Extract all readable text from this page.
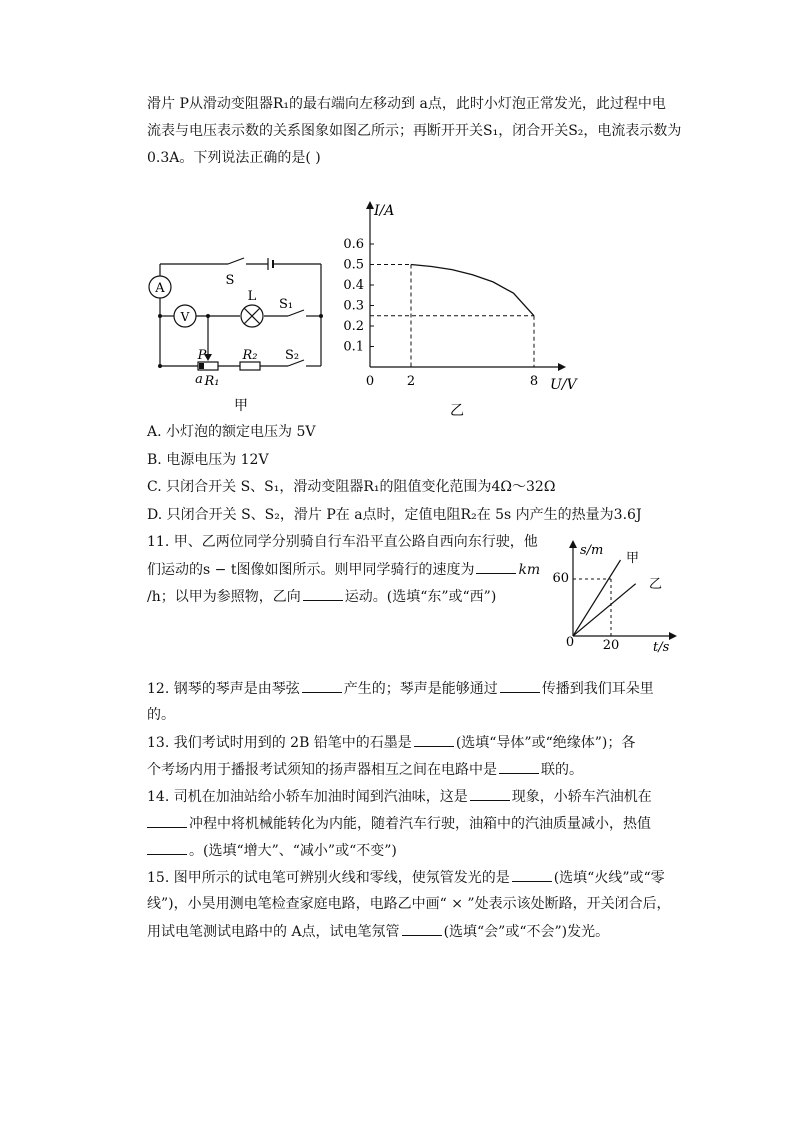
滑片 P从滑动变阻器R₁的最右端向左移动到 a点，此时小灯泡正常发光，此过程中电
流表与电压表示数的关系图象如图乙所示；再断开开关S₁，闭合开关S₂，电流表示数为
0.3A。下列说法正确的是( )
A
V
S
L
S₁
P	R₂ S₂
a R₁
甲
0.1
0.2
0.3
0.4
0.5
0.6
2	8
I/A
U/V
0
乙
A. 小灯泡的额定电压为 5V
B. 电源电压为 12V
C. 只闭合开关 S、S₁，滑动变阻器R₁的阻值变化范围为4Ω～32Ω
D. 只闭合开关 S、S₂，滑片 P在 a点时，定值电阻R₂在 5s 内产生的热量为3.6J
11. 甲、乙两位同学分别骑自行车沿平直公路自西向东行驶，他
们运动的s − t图像如图所示。则甲同学骑行的速度为	km
/h；以甲为参照物，乙向	运动。(选填“东”或“西”)
s/m
t/s
0
60
20
甲
乙
12. 钢琴的琴声是由琴弦	产生的；琴声是能够通过	传播到我们耳朵里
的。
13. 我们考试时用到的 2B 铅笔中的石墨是	(选填“导体”或“绝缘体”)；各
个考场内用于播报考试须知的扬声器相互之间在电路中是	联的。
14. 司机在加油站给小轿车加油时闻到汽油味，这是	现象，小轿车汽油机在
冲程中将机械能转化为内能，随着汽车行驶，油箱中的汽油质量减小，热值
。(选填“增大”、“减小”或“不变”)
15. 图甲所示的试电笔可辨别火线和零线，使氖管发光的是	(选填“火线”或“零
线”)，小昊用测电笔检查家庭电路，电路乙中画“ × ”处表示该处断路，开关闭合后，
用试电笔测试电路中的 A点，试电笔氖管	(选填“会”或“不会”)发光。
